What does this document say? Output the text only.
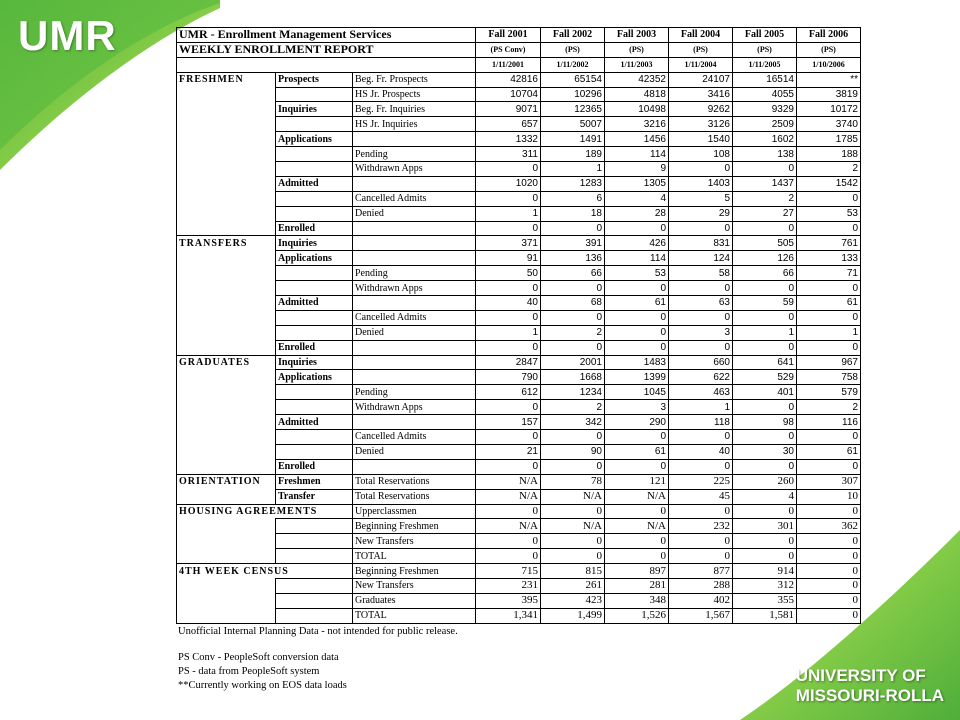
UMR
UNIVERSITY OF
MISSOURI-ROLLA
UMR - Enrollment Management Services			Fall 2001	Fall 2002	Fall 2003	Fall 2004	Fall 2005	Fall 2006
WEEKLY ENROLLMENT REPORT			(PS Conv)	(PS)	(PS)	(PS)	(PS)	(PS)
			1/11/2001	1/11/2002	1/11/2003	1/11/2004	1/11/2005	1/10/2006
FRESHMEN	Prospects	Beg. Fr. Prospects	42816	65154	42352	24107	16514	**
		HS Jr. Prospects	10704	10296	4818	3416	4055	3819
	Inquiries	Beg. Fr. Inquiries	9071	12365	10498	9262	9329	10172
		HS Jr. Inquiries	657	5007	3216	3126	2509	3740
	Applications		1332	1491	1456	1540	1602	1785
		Pending	311	189	114	108	138	188
		Withdrawn Apps	0	1	9	0	0	2
	Admitted		1020	1283	1305	1403	1437	1542
		Cancelled Admits	0	6	4	5	2	0
		Denied	1	18	28	29	27	53
	Enrolled		0	0	0	0	0	0
TRANSFERS	Inquiries		371	391	426	831	505	761
	Applications		91	136	114	124	126	133
		Pending	50	66	53	58	66	71
		Withdrawn Apps	0	0	0	0	0	0
	Admitted		40	68	61	63	59	61
		Cancelled Admits	0	0	0	0	0	0
		Denied	1	2	0	3	1	1
	Enrolled		0	0	0	0	0	0
GRADUATES	Inquiries		2847	2001	1483	660	641	967
	Applications		790	1668	1399	622	529	758
		Pending	612	1234	1045	463	401	579
		Withdrawn Apps	0	2	3	1	0	2
	Admitted		157	342	290	118	98	116
		Cancelled Admits	0	0	0	0	0	0
		Denied	21	90	61	40	30	61
	Enrolled		0	0	0	0	0	0
ORIENTATION	Freshmen	Total Reservations	N/A	78	121	225	260	307
	Transfer	Total Reservations	N/A	N/A	N/A	45	4	10
HOUSING AGREEMENTS		Upperclassmen	0	0	0	0	0	0
		Beginning Freshmen	N/A	N/A	N/A	232	301	362
		New Transfers	0	0	0	0	0	0
		TOTAL	0	0	0	0	0	0
4TH WEEK CENSUS		Beginning Freshmen	715	815	897	877	914	0
		New Transfers	231	261	281	288	312	0
		Graduates	395	423	348	402	355	0
		TOTAL	1,341	1,499	1,526	1,567	1,581	0
Unofficial Internal Planning Data - not intended for public release.
PS Conv - PeopleSoft conversion data
PS - data from PeopleSoft system
**Currently working on EOS data loads
